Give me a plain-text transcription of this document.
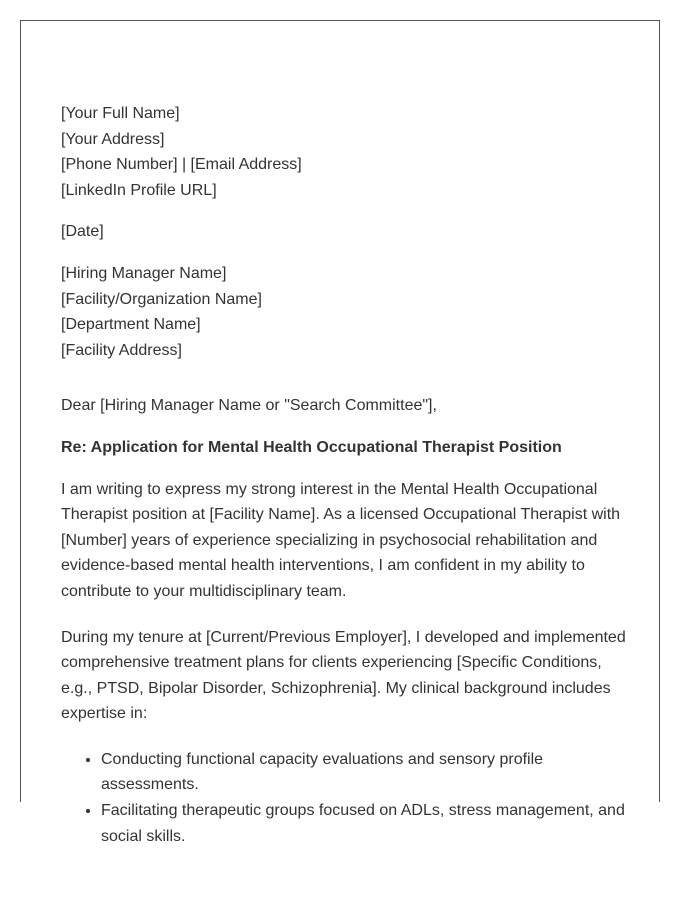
[Your Full Name]
[Your Address]
[Phone Number] | [Email Address]
[LinkedIn Profile URL]
[Date]
[Hiring Manager Name]
[Facility/Organization Name]
[Department Name]
[Facility Address]
Dear [Hiring Manager Name or "Search Committee"],
Re: Application for Mental Health Occupational Therapist Position

I am writing to express my strong interest in the Mental Health Occupational Therapist position at [Facility Name]. As a licensed Occupational Therapist with [Number] years of experience specializing in psychosocial rehabilitation and evidence-based mental health interventions, I am confident in my ability to contribute to your multidisciplinary team.

During my tenure at [Current/Previous Employer], I developed and implemented comprehensive treatment plans for clients experiencing [Specific Conditions, e.g., PTSD, Bipolar Disorder, Schizophrenia]. My clinical background includes expertise in:

• Conducting functional capacity evaluations and sensory profile assessments.
• Facilitating therapeutic groups focused on ADLs, stress management, and social skills.
